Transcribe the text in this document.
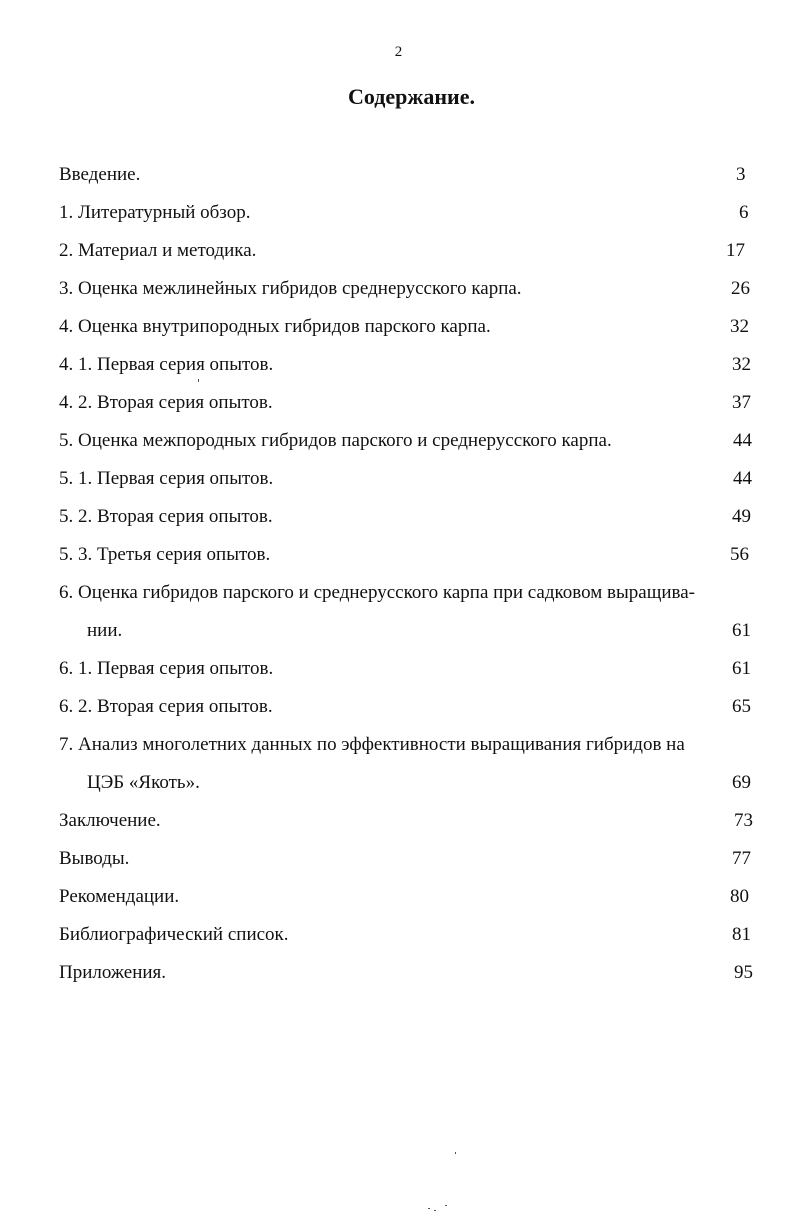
2
Содержание.
Введение.	3
1. Литературный обзор.	6
2. Материал и методика.	17
3. Оценка межлинейных гибридов среднерусского карпа.	26
4. Оценка внутрипородных гибридов парского карпа.	32
4. 1. Первая серия опытов.	32
4. 2. Вторая серия опытов.	37
5. Оценка межпородных гибридов парского и среднерусского карпа.	44
5. 1. Первая серия опытов.	44
5. 2. Вторая серия опытов.	49
5. 3. Третья серия опытов.	56
6. Оценка гибридов парского и среднерусского карпа при садковом выращива-
нии.	61
6. 1. Первая серия опытов.	61
6. 2. Вторая серия опытов.	65
7. Анализ многолетних данных по эффективности выращивания гибридов на
ЦЭБ «Якоть».	69
Заключение.	73
Выводы.	77
Рекомендации.	80
Библиографический список.	81
Приложения.	95
